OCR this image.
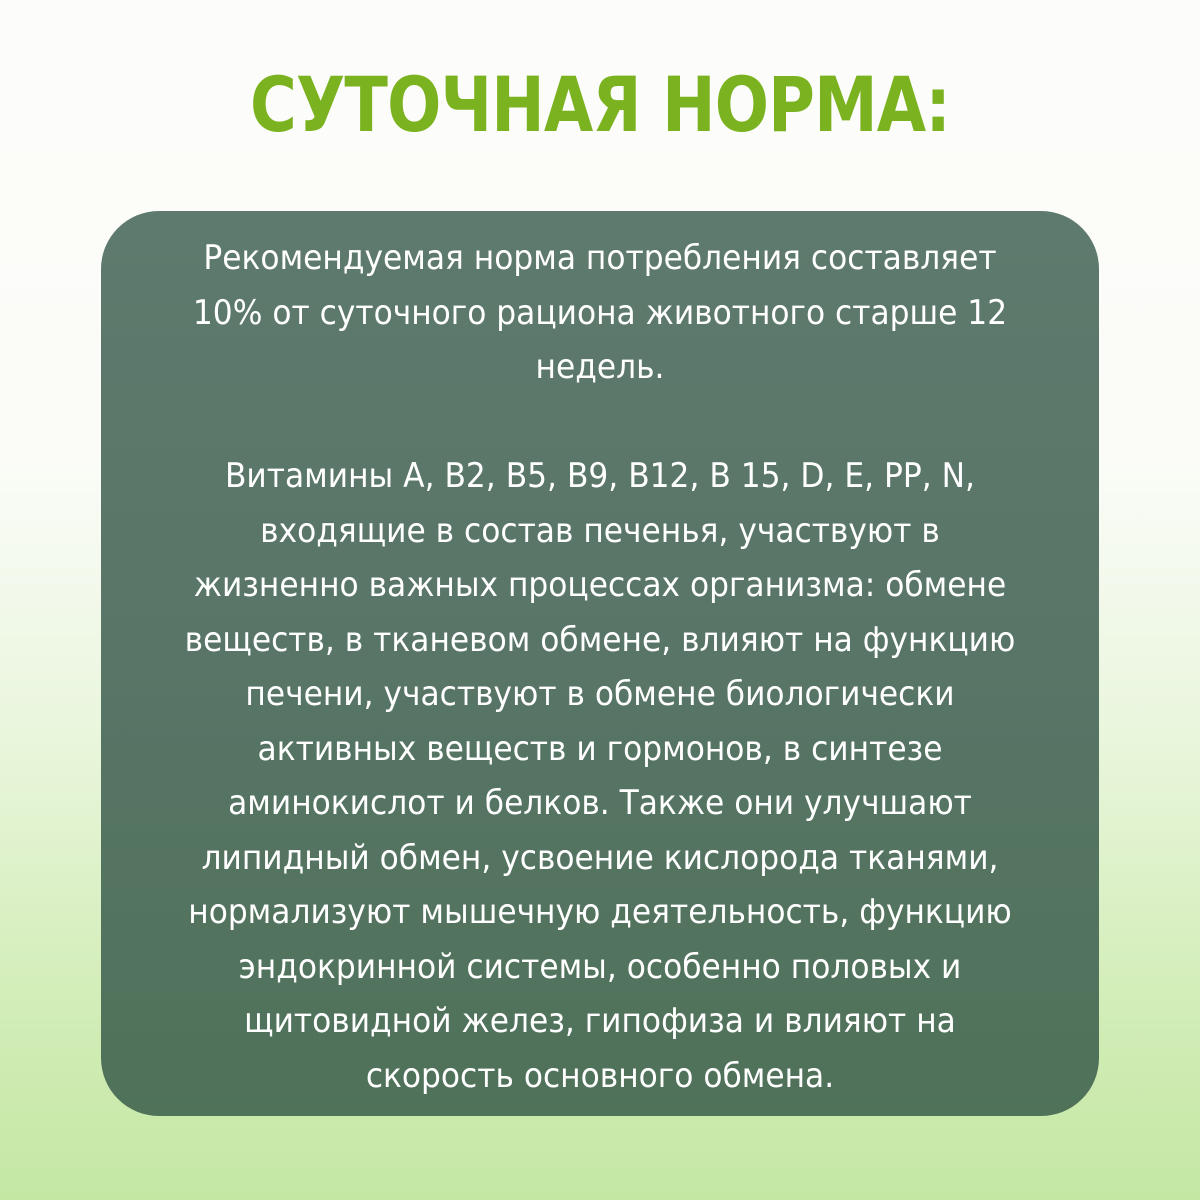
СУТОЧНАЯ НОРМА:

Рекомендуемая норма потребления составляет
10% от суточного рациона животного старше 12
недель.

Витамины A, B2, B5, B9, B12, B 15, D, E, PP, N,
входящие в состав печенья, участвуют в
жизненно важных процессах организма: обмене
веществ, в тканевом обмене, влияют на функцию
печени, участвуют в обмене биологически
активных веществ и гормонов, в синтезе
аминокислот и белков. Также они улучшают
липидный обмен, усвоение кислорода тканями,
нормализуют мышечную деятельность, функцию
эндокринной системы, особенно половых и
щитовидной желез, гипофиза и влияют на
скорость основного обмена.
